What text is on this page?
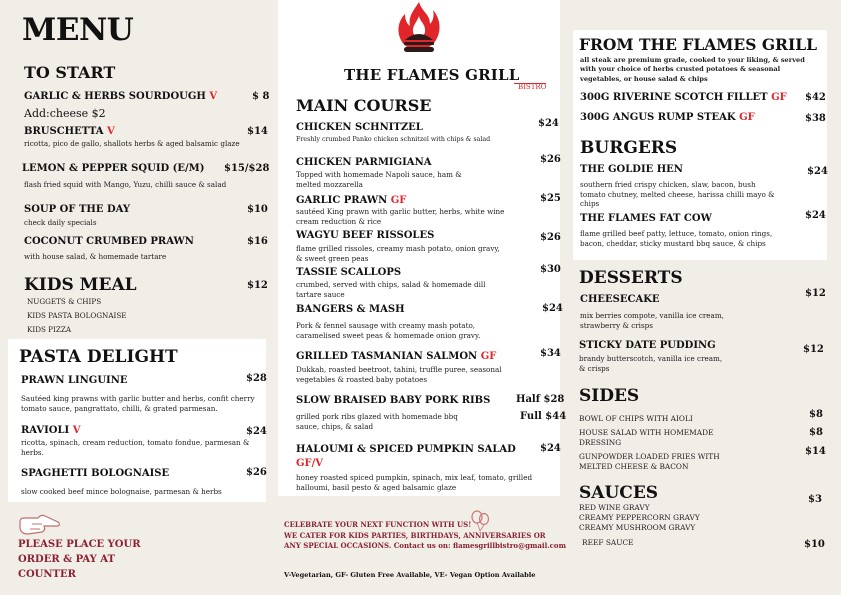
MENU
TO START
GARLIC & HERBS SOURDOUGH V	$ 8
Add:cheese $2
BRUSCHETTA V	$14
ricotta, pico de gallo, shallots herbs & aged balsamic glaze
LEMON & PEPPER SQUID (E/M) $15/$28
flash fried squid with Mango, Yuzu, chilli sauce & salad
SOUP OF THE DAY	$10
check daily specials
COCONUT CRUMBED PRAWN	$16
with house salad, & homemade tartare
KIDS MEAL	$12
NUGGETS & CHIPS
KIDS PASTA BOLOGNAISE
KIDS PIZZA
PASTA DELIGHT
PRAWN LINGUINE	$28
Sautéed king prawns with garlic butter and herbs, confit cherry tomato sauce, pangrattato, chilli, & grated parmesan.
RAVIOLI V	$24
ricotta, spinach, cream reduction, tomato fondue, parmesan & herbs.
SPAGHETTI BOLOGNAISE	$26
slow cooked beef mince bolognaise, parmesan & herbs
PLEASE PLACE YOUR
ORDER & PAY AT
COUNTER
THE FLAMES GRILL
BISTRO
MAIN COURSE
CHICKEN SCHNITZEL	$24
Freshly crumbed Panko chicken schnitzel with chips & salad
CHICKEN PARMIGIANA	$26
Topped with homemade Napoli sauce, ham & melted mozzarella
GARLIC PRAWN GF	$25
sautéed King prawn with garlic butter, herbs, white wine cream reduction & rice
WAGYU BEEF RISSOLES	$26
flame grilled rissoles, creamy mash potato, onion gravy, & sweet green peas
TASSIE SCALLOPS	$30
crumbed, served with chips, salad & homemade dill tartare sauce
BANGERS & MASH	$24
Pork & fennel sausage with creamy mash potato, caramelised sweet peas & homemade onion gravy.
GRILLED TASMANIAN SALMON GF	$34
Dukkah, roasted beetroot, tahini, truffle puree, seasonal vegetables & roasted baby potatoes
SLOW BRAISED BABY PORK RIBS	Half $28
Full $44
grilled pork ribs glazed with homemade bbq sauce, chips, & salad
HALOUMI & SPICED PUMPKIN SALAD $24
GF/V
honey roasted spiced pumpkin, spinach, mix leaf, tomato, grilled halloumi, basil pesto & aged balsamic glaze
CELEBRATE YOUR NEXT FUNCTION WITH US!
WE CATER FOR KIDS PARTIES, BIRTHDAYS, ANNIVERSARIES OR
ANY SPECIAL OCCASIONS. Contact us on: flamesgrillbistro@gmail.com
V-Vegetarian, GF- Gluten Free Available, VE- Vegan Option Available
FROM THE FLAMES GRILL
all steak are premium grade, cooked to your liking, & served with your choice of herbs crusted potatoes & seasonal vegetables, or house salad & chips
300G RIVERINE SCOTCH FILLET GF $42
300G ANGUS RUMP STEAK GF	$38
BURGERS
THE GOLDIE HEN	$24
southern fried crispy chicken, slaw, bacon, bush tomato chutney, melted cheese, harissa chilli mayo & chips
THE FLAMES FAT COW	$24
flame grilled beef patty, lettuce, tomato, onion rings, bacon, cheddar, sticky mustard bbq sauce, & chips
DESSERTS
CHEESECAKE
$12
mix berries compote, vanilla ice cream, strawberry & crisps
STICKY DATE PUDDING	$12
brandy butterscotch, vanilla ice cream, & crisps
SIDES
BOWL OF CHIPS WITH AIOLI	$8
HOUSE SALAD WITH HOMEMADE DRESSING
$8
GUNPOWDER LOADED FRIES WITH MELTED CHEESE & BACON
$14
SAUCES	$3
RED WINE GRAVY
CREAMY PEPPERCORN GRAVY
CREAMY MUSHROOM GRAVY
REEF SAUCE	$10
